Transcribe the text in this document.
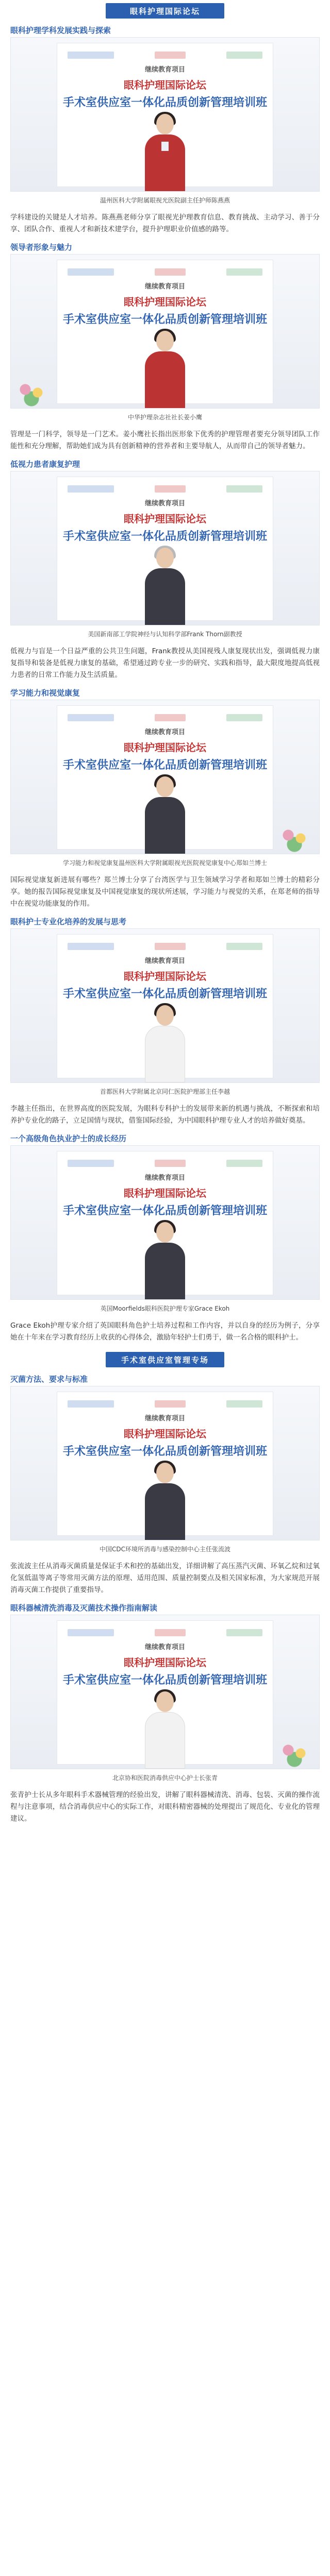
眼科护理国际论坛
眼科护理学科发展实践与探索
继续教育项目
眼科护理国际论坛
手术室供应室一体化品质创新管理培训班
温州医科大学附属眼视光医院副主任护师陈燕燕
学科建设的关键是人才培养。陈燕燕老师分享了眼视光护理教育信息、教育挑战、主动学习、善于分享、团队合作、重视人才和新技术建学台，提升护理职业价值感的路等。
领导者形象与魅力
继续教育项目
眼科护理国际论坛
手术室供应室一体化品质创新管理培训班
中华护理杂志社社长姜小鹰
管理是一门科学，领导是一门艺术。姜小鹰社长指出医形象下优秀的护理管理者要充分领导团队工作能性和充分理解，帮助她们成为具有创新精神的营养者和主要导航人，从而带自己的领导者魅力。
低视力患者康复护理
继续教育项目
眼科护理国际论坛
手术室供应室一体化品质创新管理培训班
美国新南部工学院神经与认知科学部Frank Thorn副教授
低视力与盲是一个日益严重的公共卫生问题，Frank教授从美国视残人康复现状出发，强调低视力康复指导和装备是低视力康复的基础，希望通过跨专业一步的研究、实践和指导，最大限度地提高低视力患者的日常工作能力及生活质量。
学习能力和视觉康复
继续教育项目
眼科护理国际论坛
手术室供应室一体化品质创新管理培训班
学习能力和视觉康复温州医科大学附属眼视光医院视觉康复中心郑如兰博士
国际视觉康复新进展有哪些？郑兰博士分享了台湾医学与卫生领域学习学者和郑如兰博士的精彩分享。她的报告国际视觉康复及中国视觉康复的现状所述展，学习能力与视觉的关系，在郑老师的指导中在视觉功能康复的作用。
眼科护士专业化培养的发展与思考
继续教育项目
眼科护理国际论坛
手术室供应室一体化品质创新管理培训班
首都医科大学附属北京同仁医院护理部主任李越
李越主任指出，在世界高度的医院发展，为眼科专科护士的发展带来新的机遇与挑战，不断探索和培养护专业化的路子，立足国情与现状，借鉴国际经验，为中国眼科护理专业人才的培养做好奠基。
一个高级角色执业护士的成长经历
继续教育项目
眼科护理国际论坛
手术室供应室一体化品质创新管理培训班
英国Moorfields眼科医院护理专家Grace Ekoh
Grace Ekoh护理专家介绍了英国眼科角色护士培养过程和工作内容，并以自身的经历为例子，分享她在十年来在学习教育经历上收获的心得体会，激励年轻护士们勇于，做一名合格的眼科护士。
手术室供应室管理专场
灭菌方法、要求与标准
继续教育项目
眼科护理国际论坛
手术室供应室一体化品质创新管理培训班
中国CDC环境所消毒与感染控制中心主任张流波
张流波主任从消毒灭菌质量是保证手术和控的基础出发，详细讲解了高压蒸汽灭菌、环氧乙烷和过氧化氢低温等离子等常用灭菌方法的原理、适用范围、质量控制要点及相关国家标准，为大家规范开展消毒灭菌工作提供了重要指导。
眼科器械清洗消毒及灭菌技术操作指南解读
继续教育项目
眼科护理国际论坛
手术室供应室一体化品质创新管理培训班
北京协和医院消毒供应中心护士长张青
张青护士长从多年眼科手术器械管理的经验出发，讲解了眼科器械清洗、消毒、包装、灭菌的操作流程与注意事项，结合消毒供应中心的实际工作，对眼科精密器械的处理提出了规范化、专业化的管理建议。
